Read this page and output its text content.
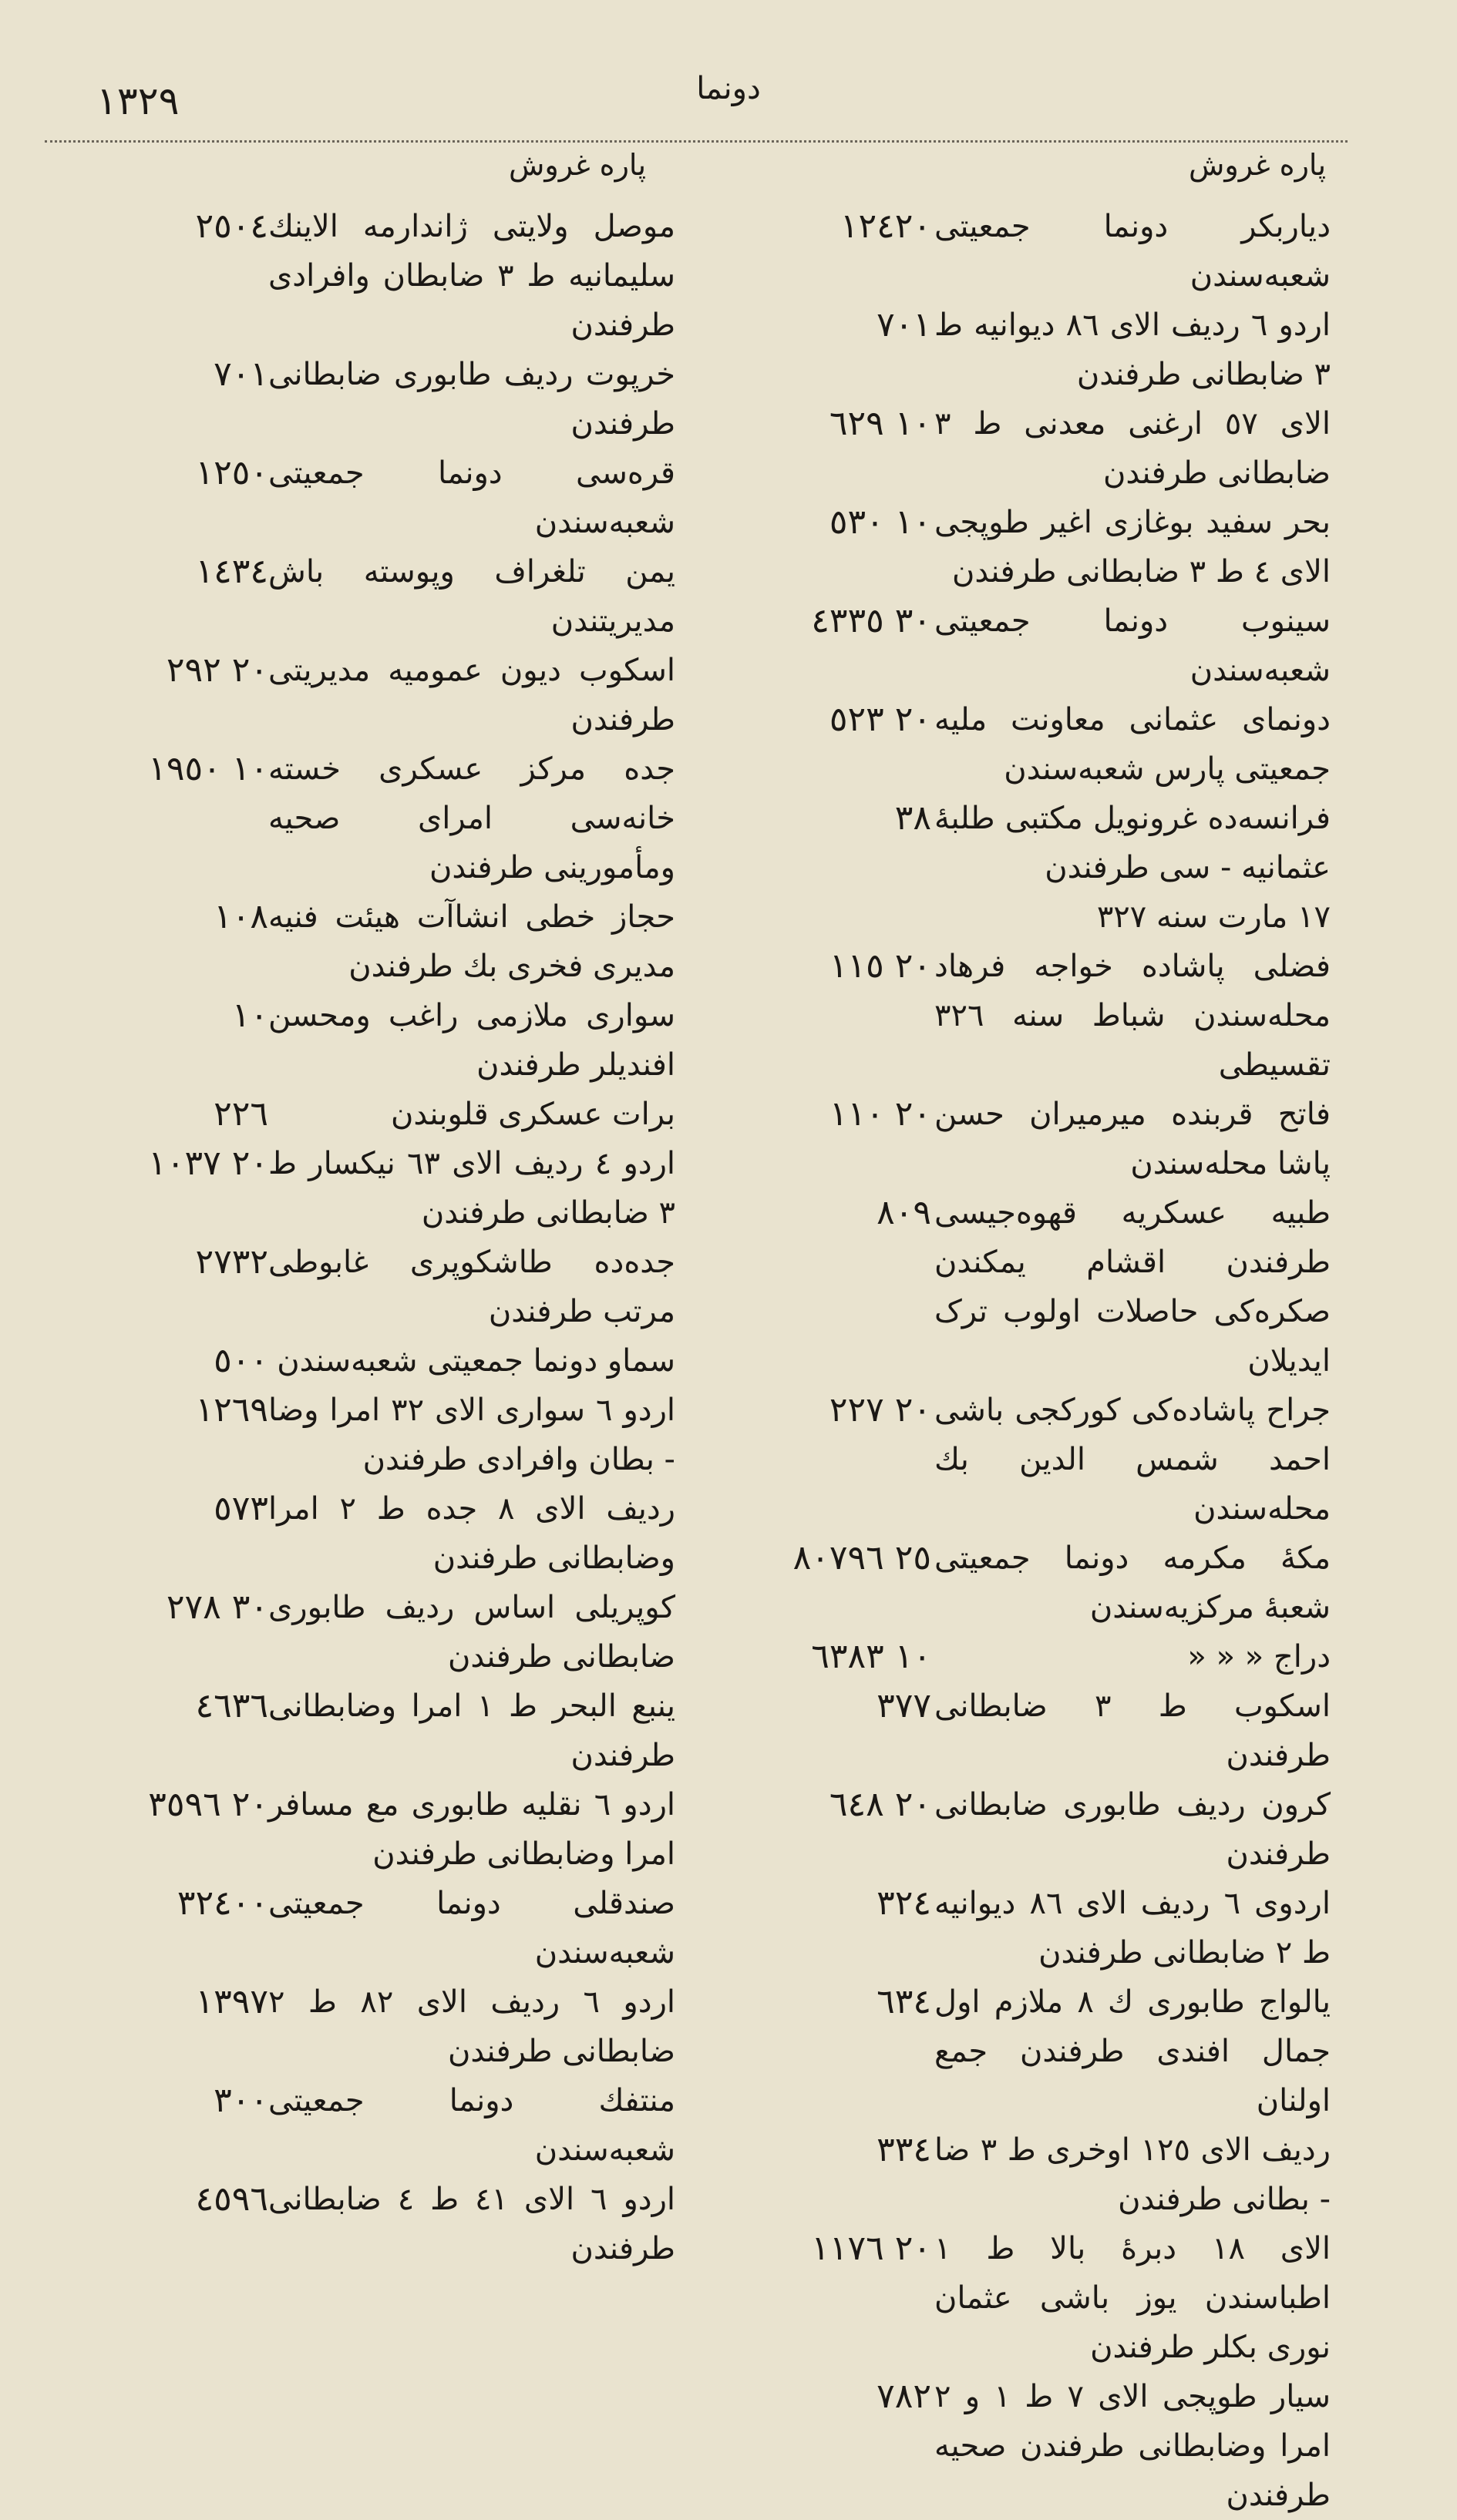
١٣٢٩	دونما
پاره غروش
پاره غروش
دیاربکر دونما جمعیتی شعبه‌سندن
١٢٤٢٠
اردو ٦ ردیف الای ٨٦ دیوانیه ط ٣ ضابطانی طرفندن
٧٠١
الای ٥٧ ارغنی معدنی ط ٣ ضابطانی طرفندن
١٠ ٦٢٩
بحر سفید بوغازی اغیر طوپجی الای ٤ ط ٣ ضابطانی طرفندن
١٠ ٥٣٠
سینوب دونما جمعیتی شعبه‌سندن
٣٠ ٤٣٣٥
دونمای عثمانی معاونت ملیه جمعیتی پارس شعبه‌سندن
٢٠ ٥٢٣
فرانسه‌ده غرونویل مکتبی طلبهٔ عثمانیه - سی طرفندن
٣٨
١٧ مارت سنه ٣٢٧
فضلی پاشاده خواجه فرهاد محله‌سندن شباط سنه ٣٢٦ تقسیطی
٢٠ ١١٥
فاتح قربنده میرمیران حسن پاشا محله‌سندن
٢٠ ١١٠
طبیه عسکریه قهوه‌جیسی طرفندن اقشام یمکندن صکره‌کی حاصلات اولوب ترک ایدیلان
٨٠٩
جراح پاشاده‌کی کورکجی باشی احمد شمس الدین بك محله‌سندن
٢٠ ٢٢٧
مکهٔ مکرمه دونما جمعیتی شعبهٔ مرکزیه‌سندن
٢٥ ٨٠٧٩٦
دراج « « «
١٠ ٦٣٨٣
اسکوب ط ٣ ضابطانی طرفندن
٣٧٧
کرون ردیف طابوری ضابطانی طرفندن
٢٠ ٦٤٨
اردوی ٦ ردیف الای ٨٦ دیوانیه ط ٢ ضابطانی طرفندن
٣٢٤
یالواج طابوری ك ٨ ملازم اول جمال افندی طرفندن جمع اولنان
٦٣٤
ردیف الای ١٢٥ اوخری ط ٣ ضا - بطانی طرفندن
٣٣٤
الای ١٨ دبرهٔ بالا ط ١ اطباسندن یوز باشی عثمان نوری بکلر طرفندن
٢٠ ١١٧٦
سیار طوپجی الای ٧ ط ١ و ٢ امرا وضابطانی طرفندن صحیه طرفندن
٧٨٢
موصل ولایتی ژاندارمه الاینك سلیمانیه ط ٣ ضابطان وافرادی طرفندن
٢٥٠٤
خرپوت ردیف طابوری ضابطانی طرفندن
٧٠١
قره‌سی دونما جمعیتی شعبه‌سندن
١٢٥٠
یمن تلغراف وپوسته باش مدیریتندن
١٤٣٤
اسکوب دیون عمومیه مدیریتی طرفندن
٢٠ ٢٩٢
جده مرکز عسکری خسته خانه‌سی امرای صحیه ومأمورینی طرفندن
١٠ ١٩٥٠
حجاز خطی انشاآت هیئت فنیه مدیری فخری بك طرفندن
١٠٨
سواری ملازمی راغب ومحسن افندیلر طرفندن
١٠
برات عسکری قلوبندن
٢٢٦
اردو ٤ ردیف الای ٦٣ نیکسار ط ٣ ضابطانی طرفندن
٢٠ ١٠٣٧
جده‌ده طاشکوپری غابوطی مرتب طرفندن
٢٧٣٢
سماو دونما جمعیتی شعبه‌سندن
٥٠٠
اردو ٦ سواری الای ٣٢ امرا وضا - بطان وافرادی طرفندن
١٢٦٩
ردیف الای ٨ جده ط ٢ امرا وضابطانی طرفندن
٥٧٣
کوپریلی اساس ردیف طابوری ضابطانی طرفندن
٣٠ ٢٧٨
ینبع البحر ط ١ امرا وضابطانی طرفندن
٤٦٣٦
اردو ٦ نقلیه طابوری مع مسافر امرا وضابطانی طرفندن
٢٠ ٣٥٩٦
صندقلی دونما جمعیتی شعبه‌سندن
٣٢٤٠٠
اردو ٦ ردیف الای ٨٢ ط ٢ ضابطانی طرفندن
١٣٩٧
منتفك دونما جمعیتی شعبه‌سندن
٣٠٠
اردو ٦ الای ٤١ ط ٤ ضابطانی طرفندن
٤٥٩٦
